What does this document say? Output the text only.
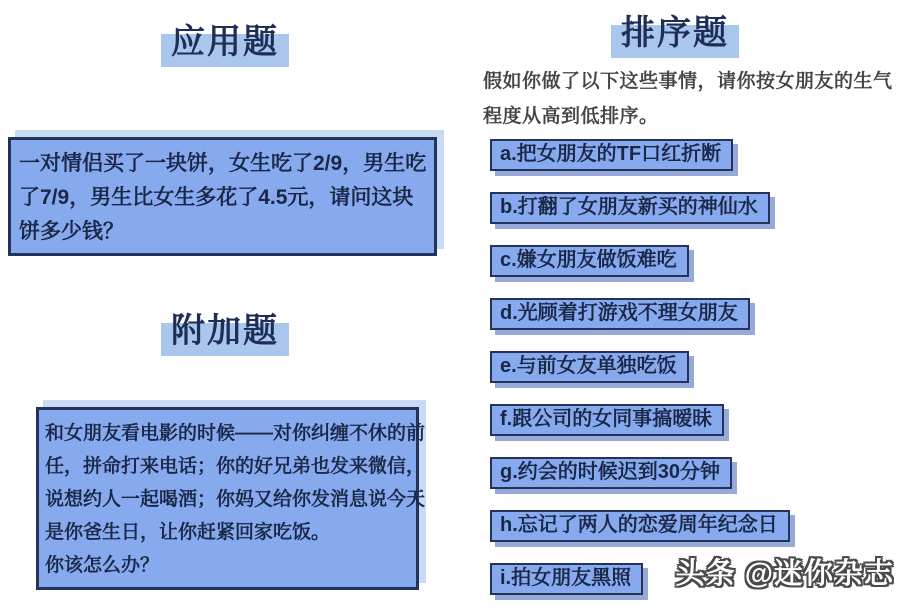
应用题
一对情侣买了一块饼，女生吃了2/9，男生吃
了7/9，男生比女生多花了4.5元，请问这块
饼多少钱？
附加题
和女朋友看电影的时候——对你纠缠不休的前
任，拼命打来电话；你的好兄弟也发来微信，
说想约人一起喝酒；你妈又给你发消息说今天
是你爸生日，让你赶紧回家吃饭。
你该怎么办？
排序题
假如你做了以下这些事情，请你按女朋友的生气
程度从高到低排序。
a.把女朋友的TF口红折断
b.打翻了女朋友新买的神仙水
c.嫌女朋友做饭难吃
d.光顾着打游戏不理女朋友
e.与前女友单独吃饭
f.跟公司的女同事搞暧昧
g.约会的时候迟到30分钟
h.忘记了两人的恋爱周年纪念日
i.拍女朋友黑照	头条 @迷你杂志
